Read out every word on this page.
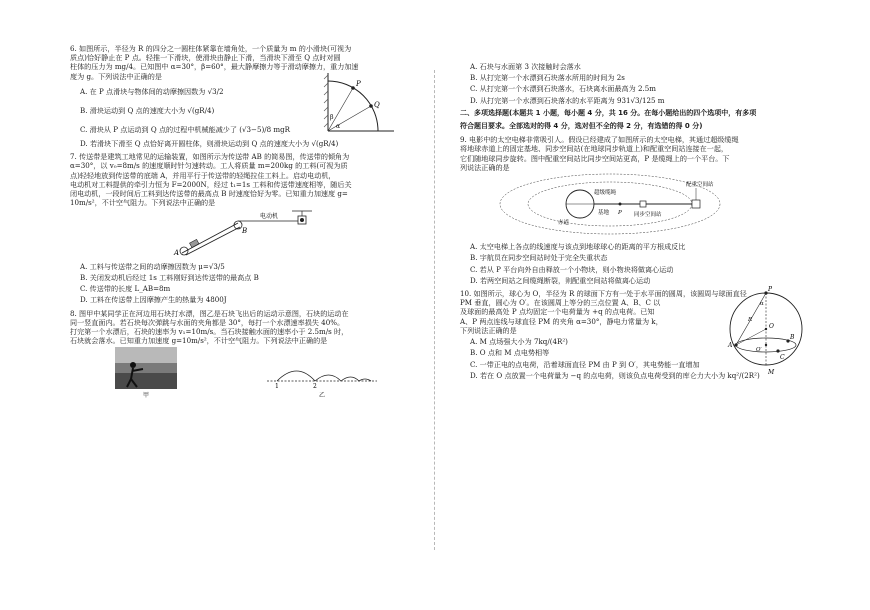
6. 如图所示，半径为 R 的四分之一圆柱体紧靠在墙角处，一个质量为 m 的小滑块(可视为
质点)恰好静止在 P 点。轻推一下滑块，使滑块由静止下滑，当滑块下滑至 Q 点时对圆
柱体的压力为 mg/4。已知图中 α=30°，β=60°，最大静摩擦力等于滑动摩擦力，重力加速
度为 g。下列说法中正确的是
A. 在 P 点滑块与物体间的动摩擦因数为 √3/2
B. 滑块运动到 Q 点的速度大小为 √(gR/4)
C. 滑块从 P 点运动到 Q 点的过程中机械能减少了 (√3−5)/8 mgR
P
Q
β
α
D. 若滑块下滑至 Q 点恰好离开圆柱体，则滑块运动到 Q 点的速度大小为 √(gR/4)
7. 传送带是建筑工地常见的运输装置，如图所示为传送带 AB 的简易图，传送带的倾角为
α=30°，以 v₀=8m/s 的速度顺时针匀速转动。工人将质量 m=200kg 的工料(可视为质
点)轻轻地放到传送带的底端 A，并用平行于传送带的轻绳拉住工料上。启动电动机，
电动机对工料提供的牵引力恒为 F=2000N，经过 t₁=1s 工料和传送带速度相等，随后关
闭电动机，一段时间后工料到达传送带的最高点 B 时速度恰好为零。已知重力加速度 g=
10m/s²，不计空气阻力。下列说法中正确的是
电动机
A
B
A. 工料与传送带之间的动摩擦因数为 μ=√3/5
B. 关闭发动机后经过 1s 工料刚好到达传送带的最高点 B
C. 传送带的长度 L_AB=8m
D. 工料在传送带上因摩擦产生的热量为 4800J
8. 图甲中某同学正在河边用石块打水漂，图乙是石块飞出后的运动示意图，石块的运动在
同一竖直面内。若石块每次弹跳与水面的夹角都是 30°，每打一个水漂速率损失 40%。
打完第一个水漂后，石块的速率为 v₁=10m/s。当石块接触水面的速率小于 2.5m/s 时，
石块就会落水。已知重力加速度 g=10m/s²，不计空气阻力。下列说法中正确的是
甲
1	2
乙
A. 石块与水面第 3 次接触时会落水
B. 从打完第一个水漂到石块落水所用的时间为 2s
C. 从打完第一个水漂到石块落水，石块离水面最高为 2.5m
D. 从打完第一个水漂到石块落水的水平距离为 931√3/125 m
二、多项选择题(本题共 1 小题，每小题 4 分，共 16 分。在每小题给出的四个选项中，有多项
符合题目要求。全部选对的得 4 分，选对但不全的得 2 分，有选错的得 0 分)
9. 电影中的太空电梯非常吸引人。假设已经建成了如图所示的太空电梯，其通过超级缆绳
将地球赤道上的固定基地、同步空间站(在地球同步轨道上)和配重空间站连接在一起，
它们随地球同步旋转。图中配重空间站比同步空间站更高，P 是缆绳上的一个平台。下
列说法正确的是
超级缆绳
配重空间站
赤道
基地 P 同步空间站
A. 太空电梯上各点的线速度与该点到地球球心的距离的平方根成反比
B. 宇航员在同步空间站时处于完全失重状态
C. 若从 P 平台向外自由释放一个小物块，则小物块将做离心运动
D. 若两空间站之间缆绳断裂，则配重空间站将做离心运动
10. 如图所示，球心为 O，半径为 R 的球面下方有一处于水平面的圆周，该圆周与球面直径
PM 垂直，圆心为 O′。在该圆周上等分的三点位置 A、B、C 以
及球面的最高处 P 点均固定一个电荷量为 +q 的点电荷。已知
A、P 两点连线与球直径 PM 的夹角 α=30°，静电力常量为 k，
下列说法正确的是
A. M 点场强大小为 7kq/(4R²)
B. O 点和 M 点电势相等
C. 一带正电的点电荷，沿着球面直径 PM 由 P 到 O′，其电势能一直增加
D. 若在 O 点放置一个电荷量为 −q 的点电荷，则该负点电荷受到的库仑力大小为 kq²/(2R²)
P
A
B
C
O
O′
M
α
R
